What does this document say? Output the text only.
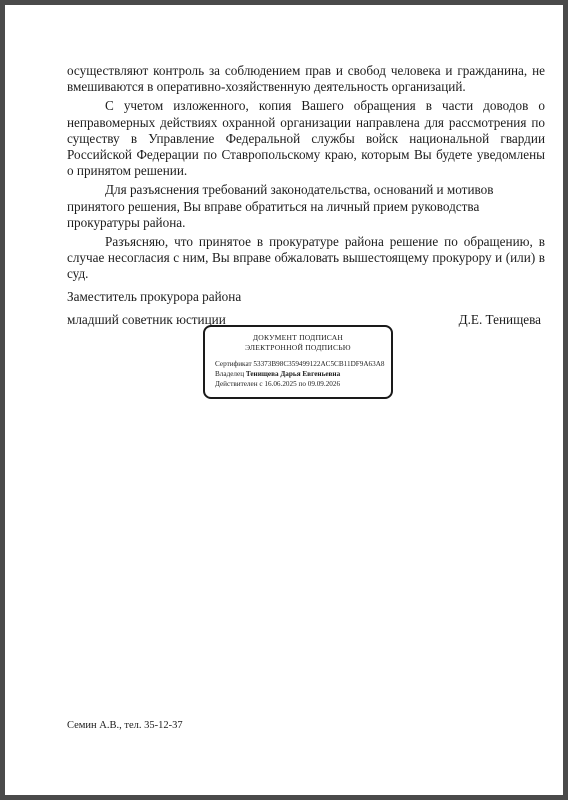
осуществляют контроль за соблюдением прав и свобод человека и гражданина, не вмешиваются в оперативно-хозяйственную деятельность организаций.

С учетом изложенного, копия Вашего обращения в части доводов о неправомерных действиях охранной организации направлена для рассмотрения по существу в Управление Федеральной службы войск национальной гвардии Российской Федерации по Ставропольскому краю, которым Вы будете уведомлены о принятом решении.

Для разъяснения требований законодательства, оснований и мотивов принятого решения, Вы вправе обратиться на личный прием руководства прокуратуры района.

Разъясняю, что принятое в прокуратуре района решение по обращению, в случае несогласия с ним, Вы вправе обжаловать вышестоящему прокурору и (или) в суд.

Заместитель прокурора района
младший советник юстиции	Д.Е. Тенищева
ДОКУМЕНТ ПОДПИСАН
ЭЛЕКТРОННОЙ ПОДПИСЬЮ
Сертификат 53373B98C359499122AC5CB11DF9A63A8
Владелец Тенищева Дарья Евгеньевна
Действителен с 16.06.2025 по 09.09.2026
Семин А.В., тел. 35-12-37
